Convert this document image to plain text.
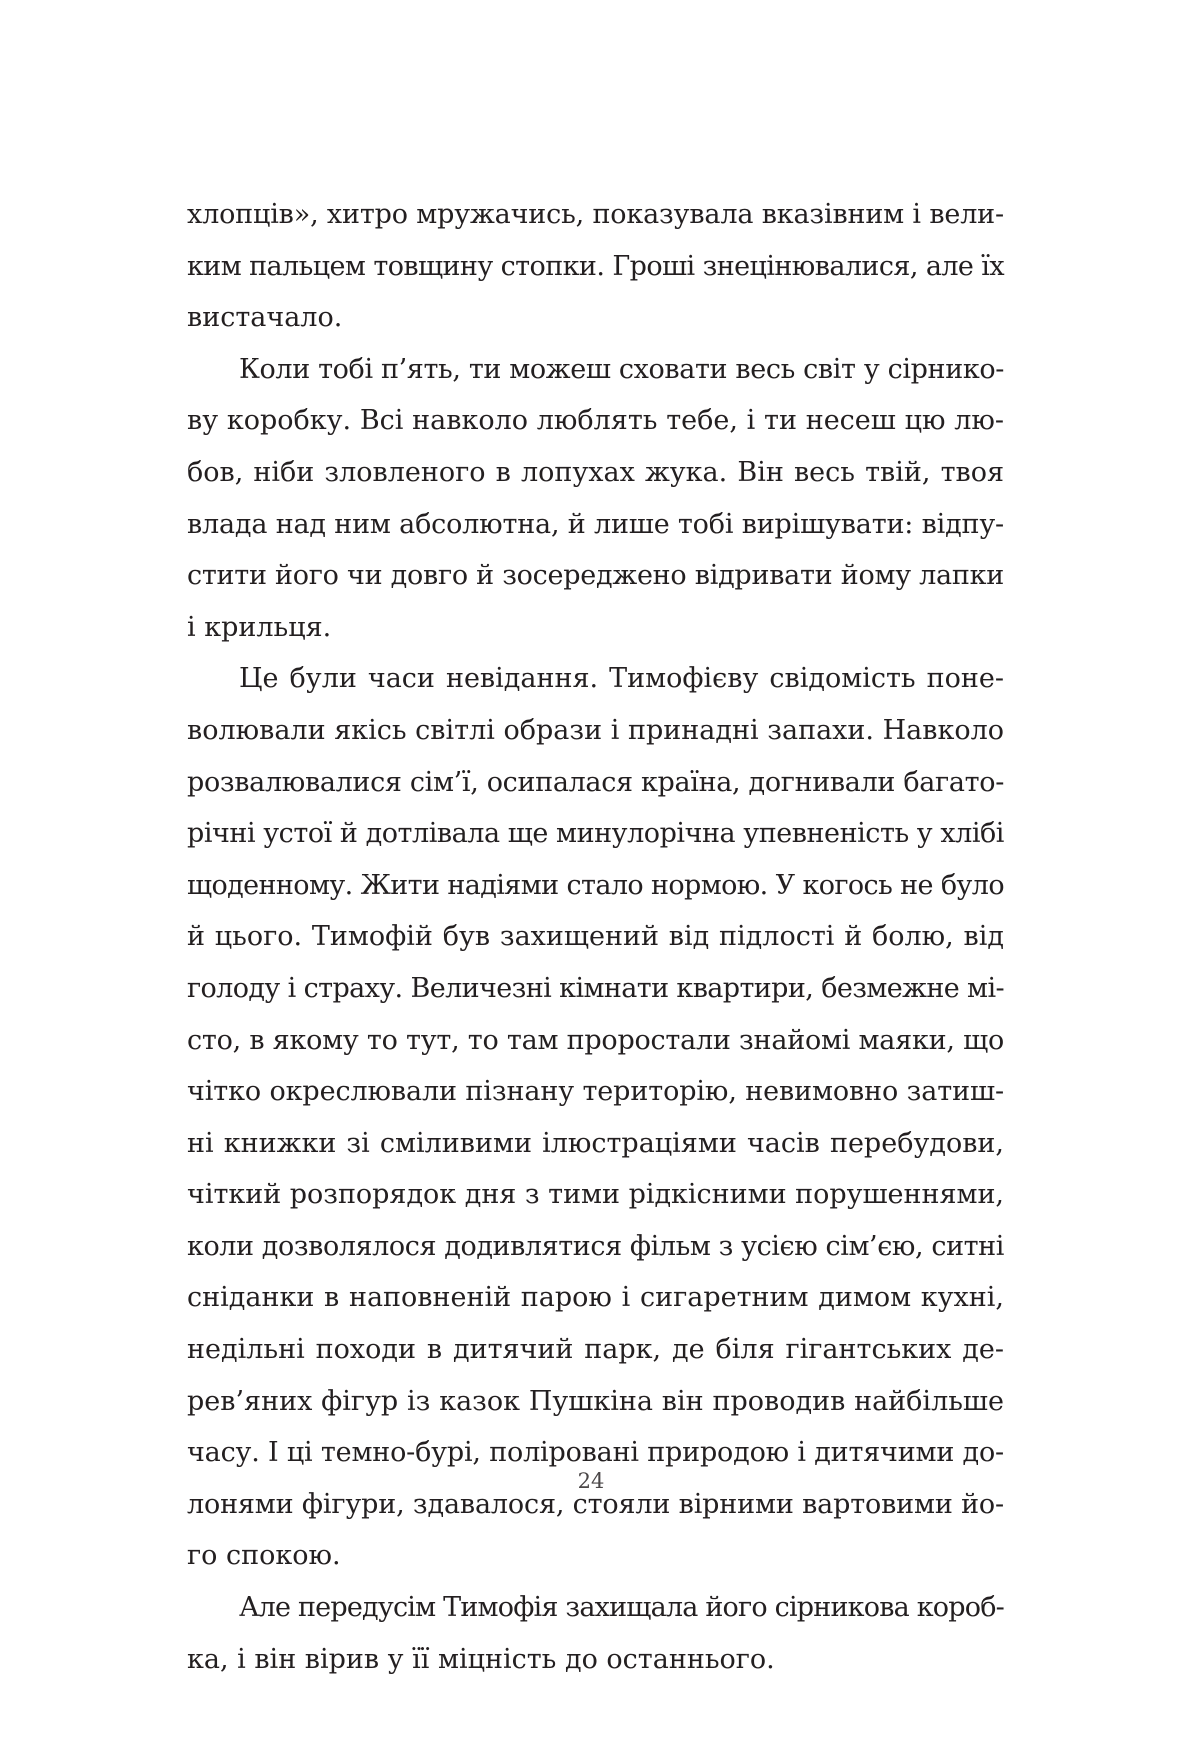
хлопців», хитро мружачись, показувала вказівним і вели-
ким пальцем товщину стопки. Гроші знецінювалися, але їх
вистачало.
Коли тобі п’ять, ти можеш сховати весь світ у сірнико-
ву коробку. Всі навколо люблять тебе, і ти несеш цю лю-
бов, ніби зловленого в лопухах жука. Він весь твій, твоя
влада над ним абсолютна, й лише тобі вирішувати: відпу-
стити його чи довго й зосереджено відривати йому лапки
і крильця.
Це були часи невідання. Тимофієву свідомість поне-
волювали якісь світлі образи і принадні запахи. Навколо
розвалювалися сім’ї, осипалася країна, догнивали багато-
річні устої й дотлівала ще минулорічна упевненість у хлібі
щоденному. Жити надіями стало нормою. У когось не було
й цього. Тимофій був захищений від підлості й болю, від
голоду і страху. Величезні кімнати квартири, безмежне мі-
сто, в якому то тут, то там проростали знайомі маяки, що
чітко окреслювали пізнану територію, невимовно затиш-
ні книжки зі сміливими ілюстраціями часів перебудови,
чіткий розпорядок дня з тими рідкісними порушеннями,
коли дозволялося додивлятися фільм з усією сім’єю, ситні
сніданки в наповненій парою і сигаретним димом кухні,
недільні походи в дитячий парк, де біля гігантських де-
рев’яних фігур із казок Пушкіна він проводив найбільше
часу. І ці темно-бурі, поліровані природою і дитячими до-
лонями фігури, здавалося, стояли вірними вартовими йо-
го спокою.
Але передусім Тимофія захищала його сірникова короб-
ка, і він вірив у її міцність до останнього.
24
